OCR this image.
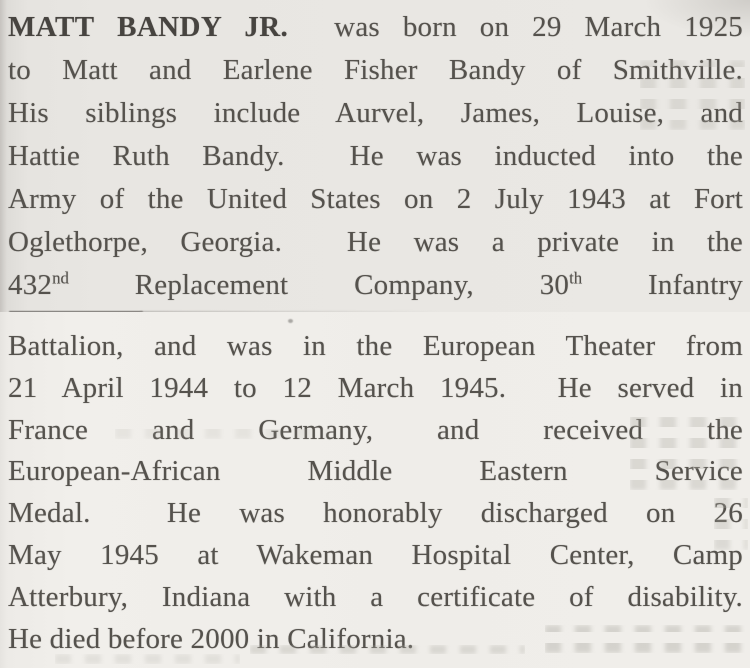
MATT BANDY JR.  was born on 29 March 1925
to Matt and Earlene Fisher Bandy of Smithville.
His siblings include Aurvel, James, Louise, and
Hattie Ruth Bandy.  He was inducted into the
Army of the United States on 2 July 1943 at Fort
Oglethorpe, Georgia.  He was a private in the
432nd Replacement Company, 30th Infantry
Battalion, and was in the European Theater from
21 April 1944 to 12 March 1945.  He served in
France and Germany, and received the
European-African Middle Eastern Service
Medal.  He was honorably discharged on 26
May 1945 at Wakeman Hospital Center, Camp
Atterbury, Indiana with a certificate of disability.
He died before 2000 in California.
